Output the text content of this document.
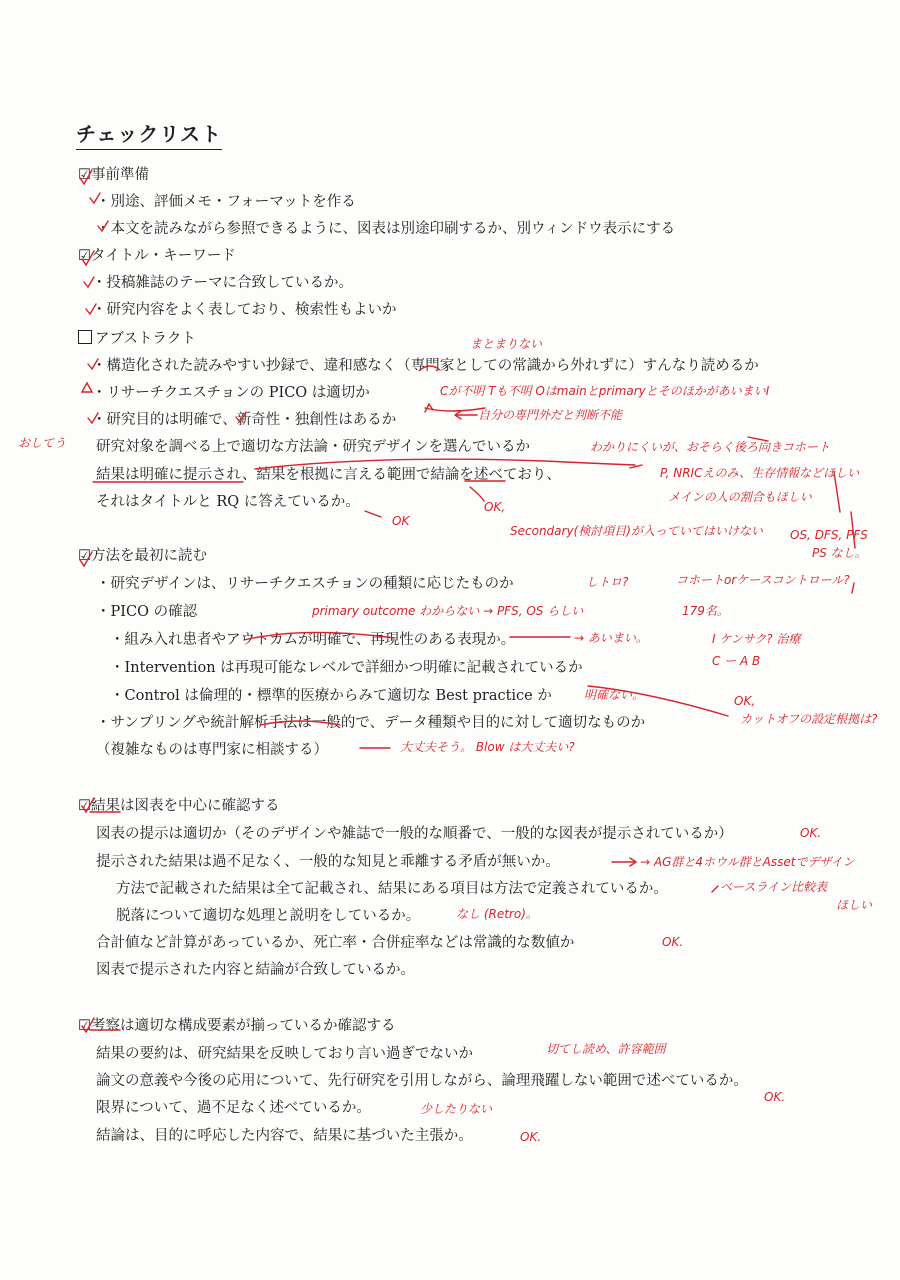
チェックリスト
☑事前準備
・別途、評価メモ・フォーマットを作る
・本文を読みながら参照できるように、図表は別途印刷するか、別ウィンドウ表示にする
☑タイトル・キーワード
・投稿雑誌のテーマに合致しているか。
・研究内容をよく表しており、検索性もよいか
アブストラクト
・構造化された読みやすい抄録で、違和感なく（専門家としての常識から外れずに）すんなり読めるか
・リサーチクエスチョンの PICO は適切か
・研究目的は明確で、新奇性・独創性はあるか
研究対象を調べる上で適切な方法論・研究デザインを選んでいるか
結果は明確に提示され、結果を根拠に言える範囲で結論を述べており、
それはタイトルと RQ に答えているか。
☑方法を最初に読む
・研究デザインは、リサーチクエスチョンの種類に応じたものか
・PICO の確認
・組み入れ患者やアウトカムが明確で、再現性のある表現か。
・Intervention は再現可能なレベルで詳細かつ明確に記載されているか
・Control は倫理的・標準的医療からみて適切な Best practice か
・サンプリングや統計解析手法は一般的で、データ種類や目的に対して適切なものか
（複雑なものは専門家に相談する）
☑結果は図表を中心に確認する
図表の提示は適切か（そのデザインや雑誌で一般的な順番で、一般的な図表が提示されているか）
提示された結果は過不足なく、一般的な知見と乖離する矛盾が無いか。
方法で記載された結果は全て記載され、結果にある項目は方法で定義されているか。
脱落について適切な処理と説明をしているか。
合計値など計算があっているか、死亡率・合併症率などは常識的な数値か
図表で提示された内容と結論が合致しているか。
☑考察は適切な構成要素が揃っているか確認する
結果の要約は、研究結果を反映しており言い過ぎでないか
論文の意義や今後の応用について、先行研究を引用しながら、論理飛躍しない範囲で述べているか。
限界について、過不足なく述べているか。
結論は、目的に呼応した内容で、結果に基づいた主張か。
まとまりない
Cが不明 Tも不明 OはmainとprimaryとそのほかがあいまいI
自分の専門外だと判断不能
おしてう	わかりにくいが、おそらく後ろ向きコホート
P, NRICえのみ、生存情報などほしい
メインの人の割合もほしい
OK
OK,
Secondary(検討項目)が入っていてはいけない OS, DFS, PFS
PS なし。
しトロ?	コホートorケースコントロール?
179名。
primary outcome わからない → PFS, OS らしい
→ あいまい。	I ケンサク? 治療
C ー A B
明確ない。	OK,
カットオフの設定根拠は?
大丈夫そう。 Blow は大丈夫い?
OK.
→ AG群と4ホウル群とAssetでデザイン
ベースライン比較表
ほしい
なし (Retro)。
OK.
切てし読め、許容範囲
OK.
少したりない
OK.
